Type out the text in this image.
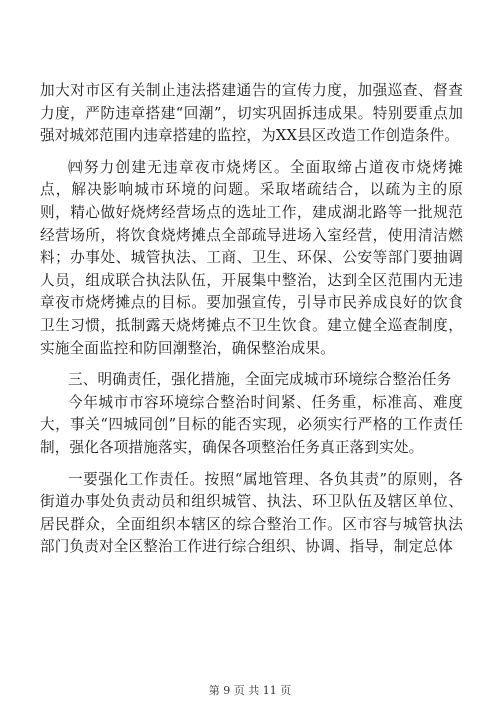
加大对市区有关制止违法搭建通告的宣传力度，加强巡查、督查力度，严防违章搭建“回潮”，切实巩固拆违成果。特别要重点加强对城郊范围内违章搭建的监控，为XX县区改造工作创造条件。

㈣努力创建无违章夜市烧烤区。全面取缔占道夜市烧烤摊点，解决影响城市环境的问题。采取堵疏结合，以疏为主的原则，精心做好烧烤经营场点的选址工作，建成湖北路等一批规范经营场所，将饮食烧烤摊点全部疏导进场入室经营，使用清洁燃料；办事处、城管执法、工商、卫生、环保、公安等部门要抽调人员，组成联合执法队伍，开展集中整治，达到全区范围内无违章夜市烧烤摊点的目标。要加强宣传，引导市民养成良好的饮食卫生习惯，抵制露天烧烤摊点不卫生饮食。建立健全巡查制度，实施全面监控和防回潮整治，确保整治成果。

三、明确责任，强化措施，全面完成城市环境综合整治任务

今年城市市容环境综合整治时间紧、任务重，标准高、难度大，事关“四城同创”目标的能否实现，必须实行严格的工作责任制，强化各项措施落实，确保各项整治任务真正落到实处。

一要强化工作责任。按照“属地管理、各负其责”的原则，各街道办事处负责动员和组织城管、执法、环卫队伍及辖区单位、居民群众，全面组织本辖区的综合整治工作。区市容与城管执法部门负责对全区整治工作进行综合组织、协调、指导，制定总体

第 9 页 共 11 页
